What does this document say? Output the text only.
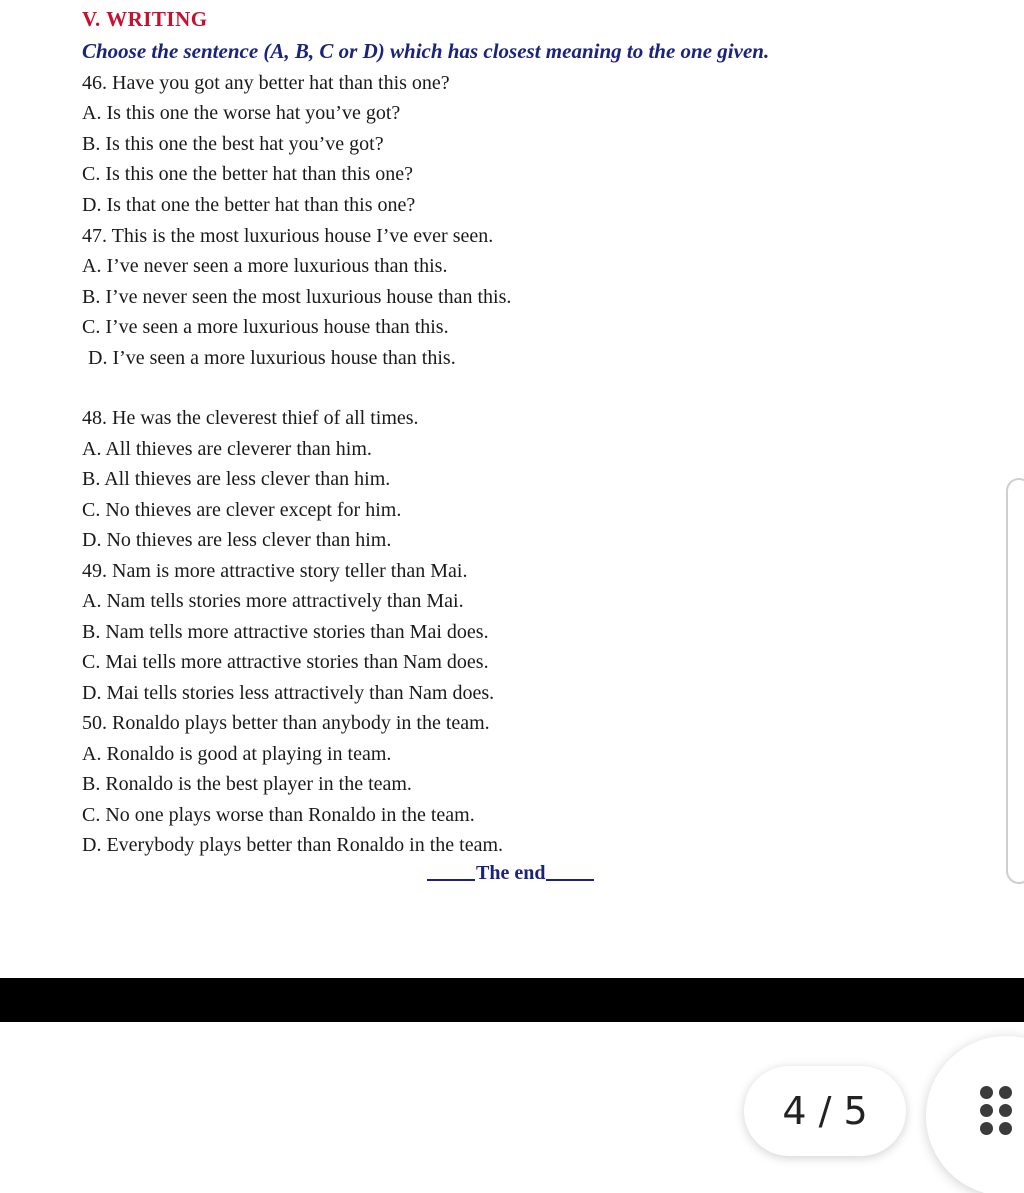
V. WRITING
Choose the sentence (A, B, C or D) which has closest meaning to the one given.
46. Have you got any better hat than this one?
A. Is this one the worse hat you’ve got?
B. Is this one the best hat you’ve got?
C. Is this one the better hat than this one?
D. Is that one the better hat than this one?
47. This is the most luxurious house I’ve ever seen.
A. I’ve never seen a more luxurious than this.
B. I’ve never seen the most luxurious house than this.
C. I’ve seen a more luxurious house than this.
D. I’ve seen a more luxurious house than this.
48. He was the cleverest thief of all times.
A. All thieves are cleverer than him.
B. All thieves are less clever than him.
C. No thieves are clever except for him.
D. No thieves are less clever than him.
49. Nam is more attractive story teller than Mai.
A. Nam tells stories more attractively than Mai.
B. Nam tells more attractive stories than Mai does.
C. Mai tells more attractive stories than Nam does.
D. Mai tells stories less attractively than Nam does.
50. Ronaldo plays better than anybody in the team.
A. Ronaldo is good at playing in team.
B. Ronaldo is the best player in the team.
C. No one plays worse than Ronaldo in the team.
D. Everybody plays better than Ronaldo in the team.
The end
4 / 5
